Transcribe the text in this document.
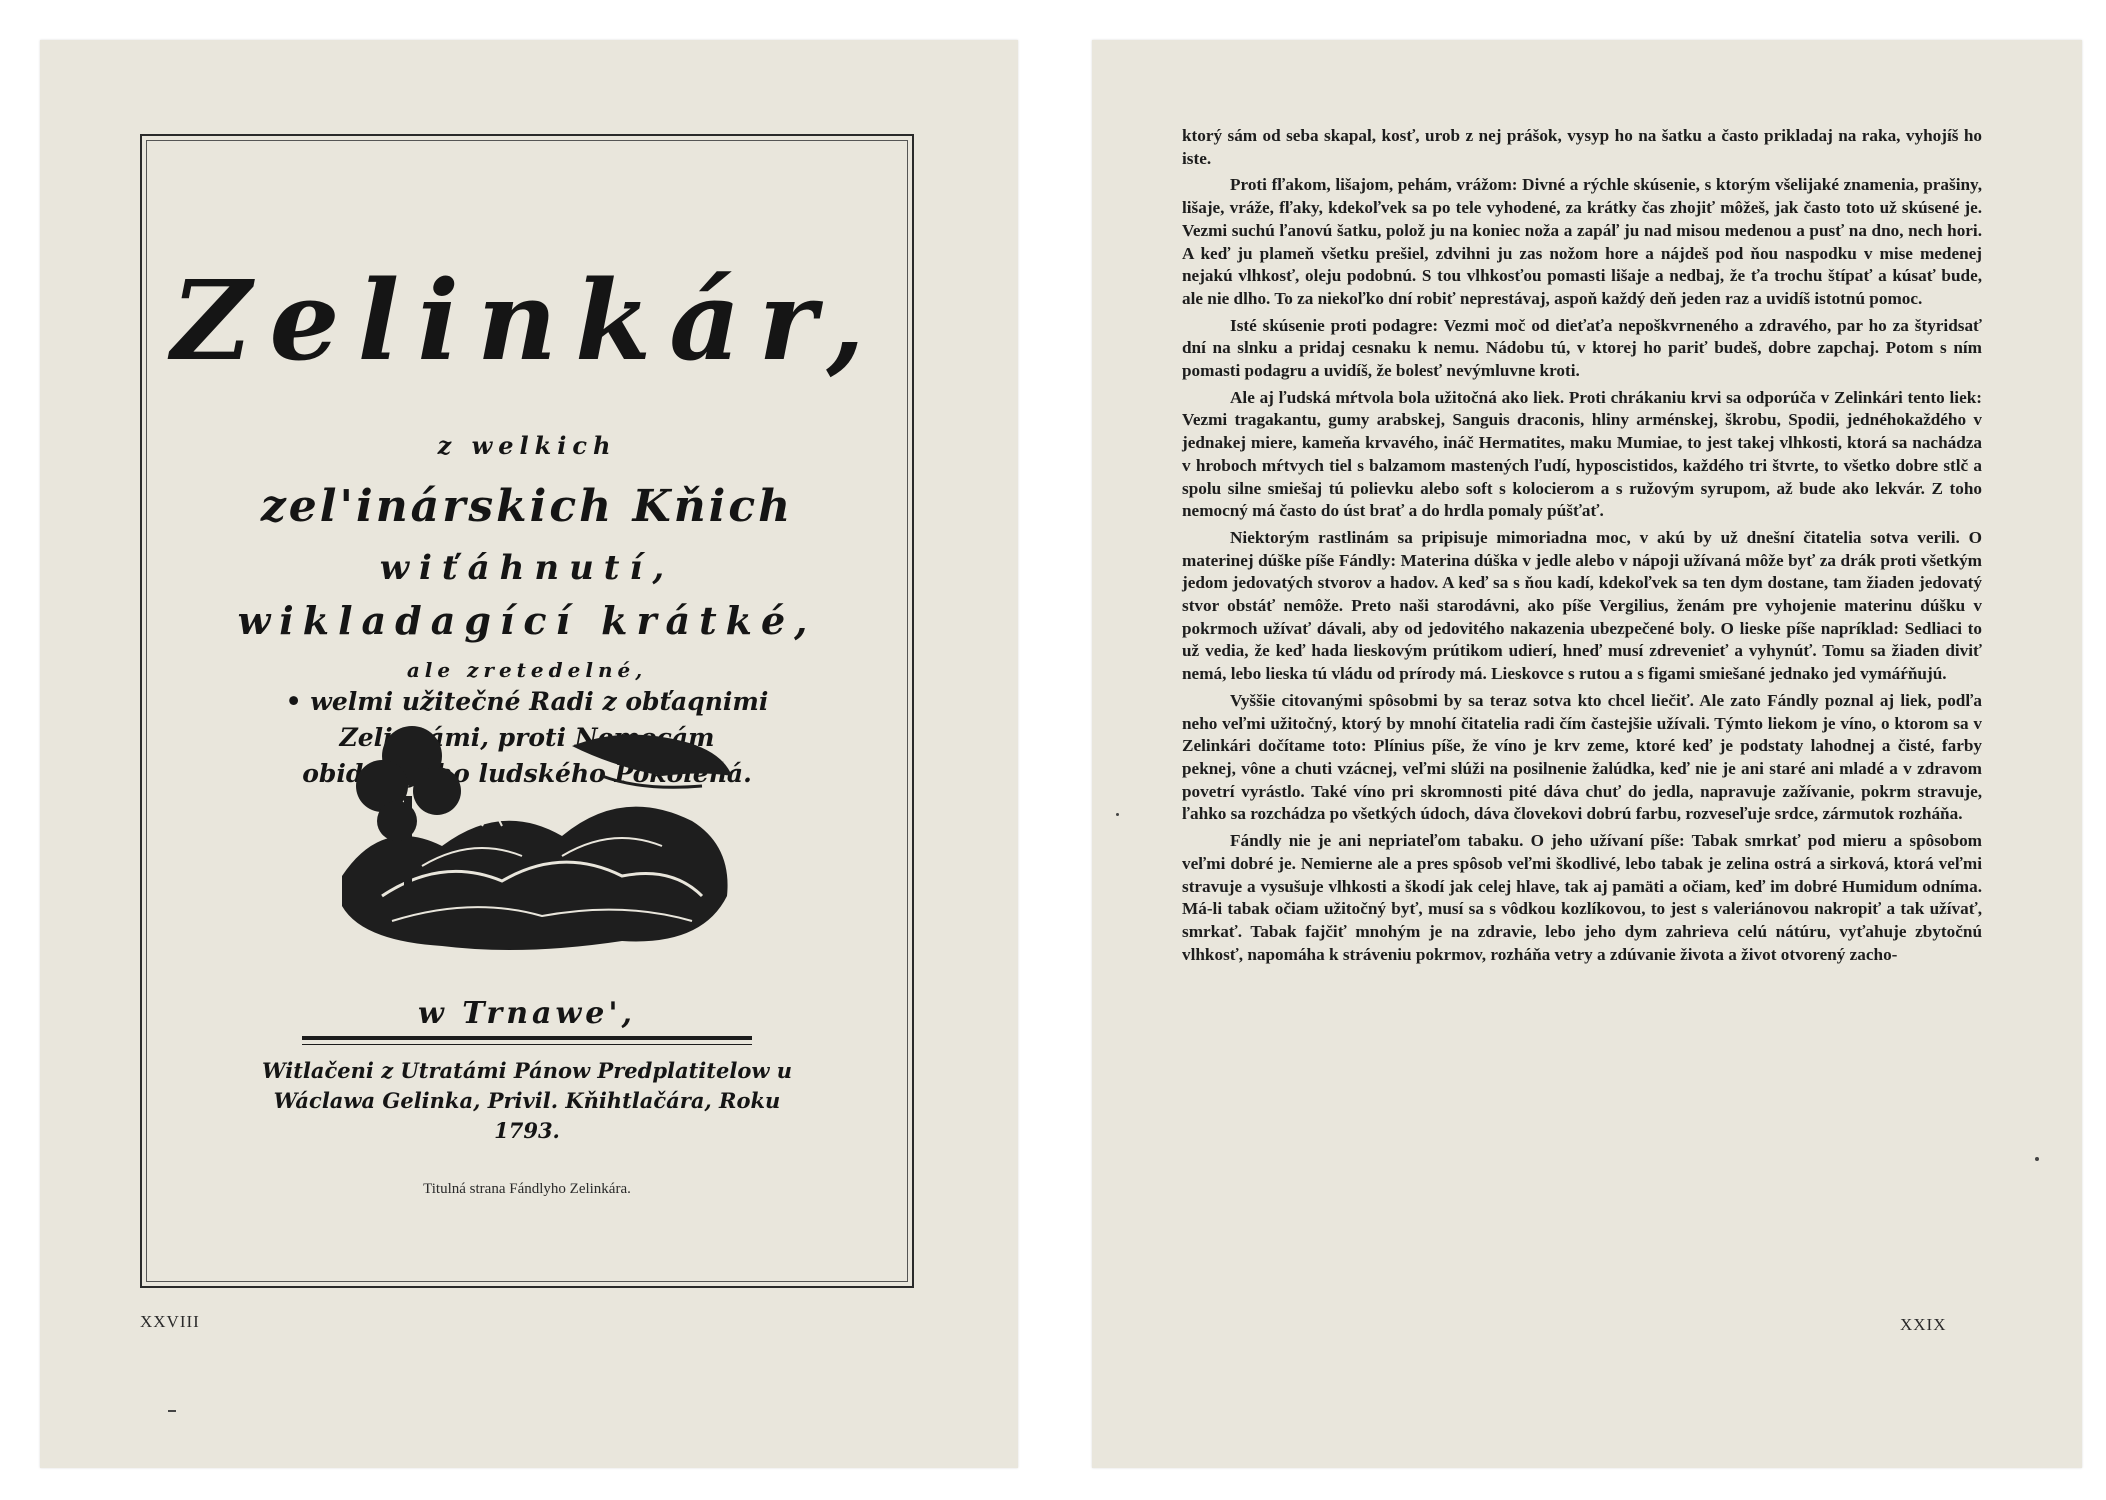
Zelinkár,
z welkich
zel'inárskich Kňich
wiťáhnutí,
wikladagící krátké,
ale zretedelné,
• welmi užitečné Radi z obťaqnimi Zelinkámi, proti Nemocám obidwogého ludského Pokoleňá.
w Trnawe',
Witlačeni z Utratámi Pánow Predplatitelow u Wáclawa Gelinka, Privil. Kňihtlačára, Roku 1793.
Titulná strana Fándlyho Zelinkára.
XXVIII

ktorý sám od seba skapal, kosť, urob z nej prášok, vysyp ho na šatku a často prikladaj na raka, vyhojíš ho iste.

Proti fľakom, lišajom, pehám, vrážom: Divné a rýchle skúsenie, s ktorým všelijaké znamenia, prašiny, lišaje, vráže, fľaky, kdekoľvek sa po tele vyhodené, za krátky čas zhojiť môžeš, jak často toto už skúsené je. Vezmi suchú ľanovú šatku, polož ju na koniec noža a zapáľ ju nad misou medenou a pusť na dno, nech hori. A keď ju plameň všetku prešiel, zdvihni ju zas nožom hore a nájdeš pod ňou naspodku v mise medenej nejakú vlhkosť, oleju podobnú. S tou vlhkosťou pomasti lišaje a nedbaj, že ťa trochu štípať a kúsať bude, ale nie dlho. To za niekoľko dní robiť neprestávaj, aspoň každý deň jeden raz a uvidíš istotnú pomoc.

Isté skúsenie proti podagre: Vezmi moč od dieťaťa nepoškvrneného a zdravého, par ho za štyridsať dní na slnku a pridaj cesnaku k nemu. Nádobu tú, v ktorej ho pariť budeš, dobre zapchaj. Potom s ním pomasti podagru a uvidíš, že bolesť nevýmluvne kroti.

Ale aj ľudská mŕtvola bola užitočná ako liek. Proti chrákaniu krvi sa odporúča v Zelinkári tento liek: Vezmi tragakantu, gumy arabskej, Sanguis draconis, hliny arménskej, škrobu, Spodii, jednéhokaždého v jednakej miere, kameňa krvavého, ináč Hermatites, maku Mumiae, to jest takej vlhkosti, ktorá sa nachádza v hroboch mŕtvych tiel s balzamom mastených ľudí, hyposcistidos, každého tri štvrte, to všetko dobre stlč a spolu silne smiešaj tú polievku alebo soft s kolocierom a s ružovým syrupom, až bude ako lekvár. Z toho nemocný má často do úst brať a do hrdla pomaly púšťať.

Niektorým rastlinám sa pripisuje mimoriadna moc, v akú by už dnešní čitatelia sotva verili. O materinej dúške píše Fándly: Materina dúška v jedle alebo v nápoji užívaná môže byť za drák proti všetkým jedom jedovatých stvorov a hadov. A keď sa s ňou kadí, kdekoľvek sa ten dym dostane, tam žiaden jedovatý stvor obstáť nemôže. Preto naši starodávni, ako píše Vergilius, ženám pre vyhojenie materinu dúšku v pokrmoch užívať dávali, aby od jedovitého nakazenia ubezpečené boly. O lieske píše napríklad: Sedliaci to už vedia, že keď hada lieskovým prútikom udierí, hneď musí zdrevenieť a vyhynúť. Tomu sa žiaden diviť nemá, lebo lieska tú vládu od prírody má. Lieskovce s rutou a s figami smiešané jednako jed vymáŕňujú.

Vyššie citovanými spôsobmi by sa teraz sotva kto chcel liečiť. Ale zato Fándly poznal aj liek, podľa neho veľmi užitočný, ktorý by mnohí čitatelia radi čím častejšie užívali. Týmto liekom je víno, o ktorom sa v Zelinkári dočítame toto: Plínius píše, že víno je krv zeme, ktoré keď je podstaty lahodnej a čisté, farby peknej, vône a chuti vzácnej, veľmi slúži na posilnenie žalúdka, keď nie je ani staré ani mladé a v zdravom povetrí vyrástlo. Také víno pri skromnosti pité dáva chuť do jedla, napravuje zažívanie, pokrm stravuje, ľahko sa rozchádza po všetkých údoch, dáva človekovi dobrú farbu, rozveseľuje srdce, zármutok rozháňa.

Fándly nie je ani nepriateľom tabaku. O jeho užívaní píše: Tabak smrkať pod mieru a spôsobom veľmi dobré je. Nemierne ale a pres spôsob veľmi škodlivé, lebo tabak je zelina ostrá a sirková, ktorá veľmi stravuje a vysušuje vlhkosti a škodí jak celej hlave, tak aj pamäti a očiam, keď im dobré Humidum odníma. Má-li tabak očiam užitočný byť, musí sa s vôdkou kozlíkovou, to jest s valeriánovou nakropiť a tak užívať, smrkať. Tabak fajčiť mnohým je na zdravie, lebo jeho dym zahrieva celú nátúru, vyťahuje zbytočnú vlhkosť, napomáha k stráveniu pokrmov, rozháňa vetry a zdúvanie života a život otvorený zacho-

XXIX
